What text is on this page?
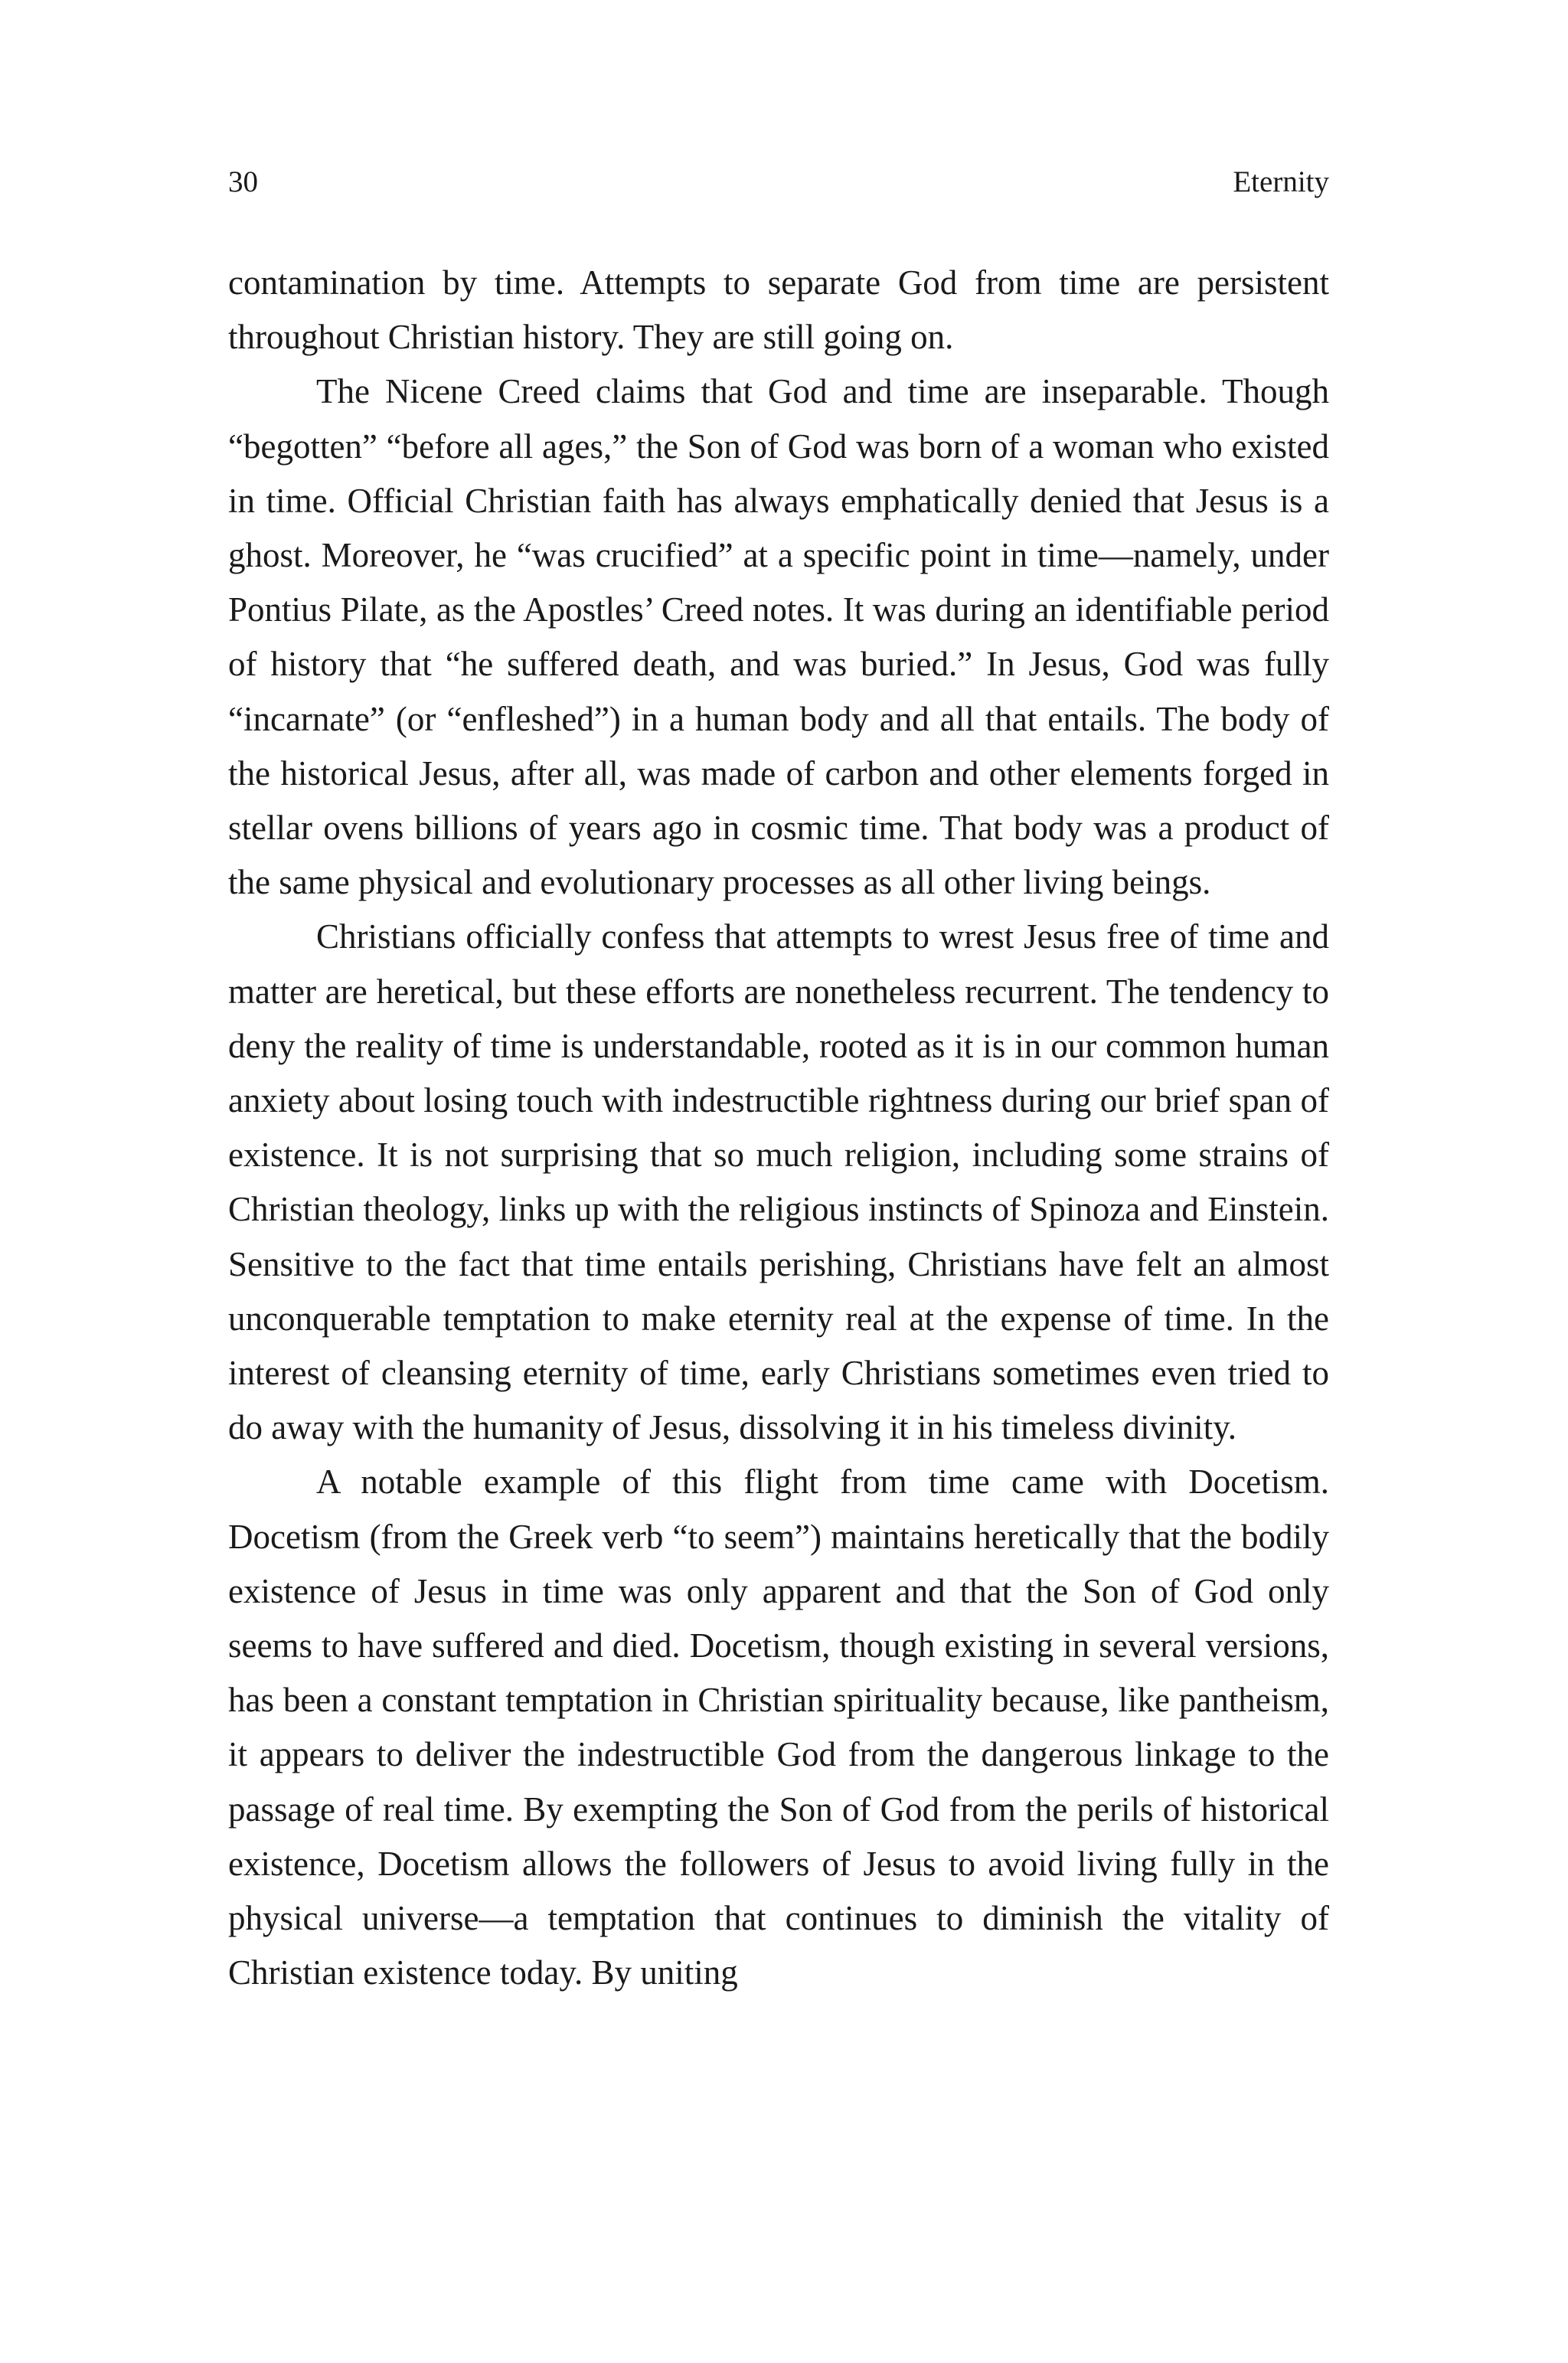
30	Eternity

contamination by time. Attempts to separate God from time are persistent throughout Christian history. They are still going on.

The Nicene Creed claims that God and time are inseparable. Though “begotten” “before all ages,” the Son of God was born of a woman who existed in time. Official Christian faith has always emphatically denied that Jesus is a ghost. Moreover, he “was crucified” at a specific point in time—namely, under Pontius Pilate, as the Apostles’ Creed notes. It was during an identifiable period of history that “he suffered death, and was buried.” In Jesus, God was fully “incarnate” (or “enfleshed”) in a human body and all that entails. The body of the historical Jesus, after all, was made of carbon and other elements forged in stellar ovens billions of years ago in cosmic time. That body was a product of the same physical and evolutionary processes as all other living beings.

Christians officially confess that attempts to wrest Jesus free of time and matter are heretical, but these efforts are nonetheless recurrent. The tendency to deny the reality of time is understandable, rooted as it is in our common human anxiety about losing touch with indestructible rightness during our brief span of existence. It is not surprising that so much religion, including some strains of Christian theology, links up with the religious instincts of Spinoza and Einstein. Sensitive to the fact that time entails perishing, Christians have felt an almost unconquerable temptation to make eternity real at the expense of time. In the interest of cleansing eternity of time, early Christians sometimes even tried to do away with the humanity of Jesus, dissolving it in his timeless divinity.

A notable example of this flight from time came with Docetism. Docetism (from the Greek verb “to seem”) maintains heretically that the bodily existence of Jesus in time was only apparent and that the Son of God only seems to have suffered and died. Docetism, though existing in several versions, has been a constant temptation in Christian spirituality because, like pantheism, it appears to deliver the indestructible God from the dangerous linkage to the passage of real time. By exempting the Son of God from the perils of historical existence, Docetism allows the followers of Jesus to avoid living fully in the physical universe—a temptation that continues to diminish the vitality of Christian existence today. By uniting
